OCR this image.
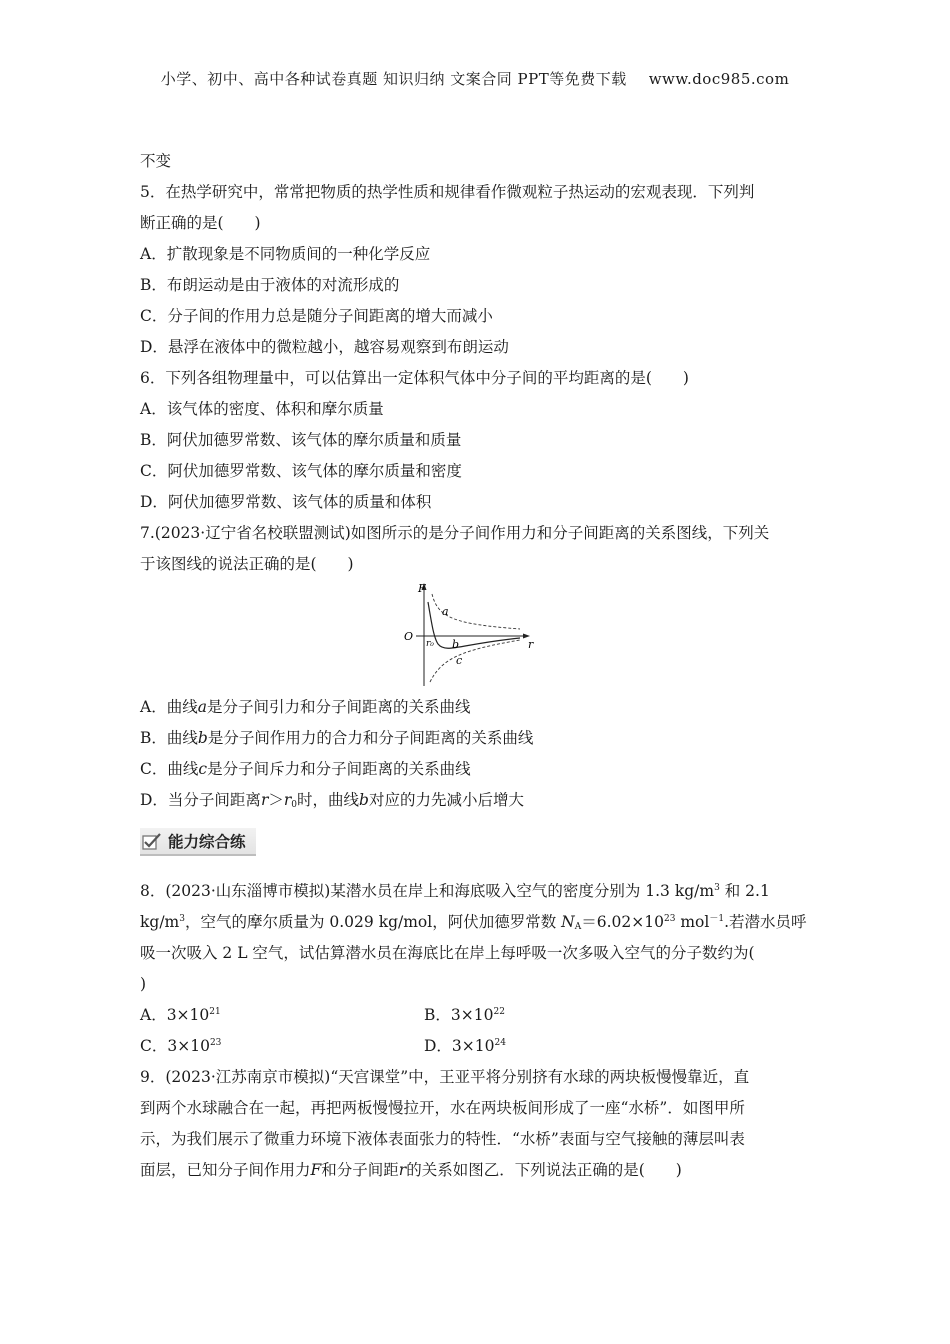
小学、初中、高中各种试卷真题 知识归纳 文案合同 PPT等免费下载 www.doc985.com
不变
5．在热学研究中，常常把物质的热学性质和规律看作微观粒子热运动的宏观表现．下列判
断正确的是(　　)
A．扩散现象是不同物质间的一种化学反应
B．布朗运动是由于液体的对流形成的
C．分子间的作用力总是随分子间距离的增大而减小
D．悬浮在液体中的微粒越小，越容易观察到布朗运动
6．下列各组物理量中，可以估算出一定体积气体中分子间的平均距离的是(　　)
A．该气体的密度、体积和摩尔质量
B．阿伏加德罗常数、该气体的摩尔质量和质量
C．阿伏加德罗常数、该气体的摩尔质量和密度
D．阿伏加德罗常数、该气体的质量和体积
7.(2023·辽宁省名校联盟测试)如图所示的是分子间作用力和分子间距离的关系图线，下列关
于该图线的说法正确的是(　　)
F
O
r
r₀
a
b
c
A．曲线a是分子间引力和分子间距离的关系曲线
B．曲线b是分子间作用力的合力和分子间距离的关系曲线
C．曲线c是分子间斥力和分子间距离的关系曲线
D．当分子间距离$r>r_0$时，曲线b对应的力先减小后增大
能力综合练
8．(2023·山东淄博市模拟)某潜水员在岸上和海底吸入空气的密度分别为 1.3 $kg/m^3$ 和 2.1
$kg/m^3$，空气的摩尔质量为 0.029 kg/mol，阿伏加德罗常数 $N_A=6.02\times 10^{23}$ mol$^{-1}$.若潜水员呼
吸一次吸入 2 L 空气，试估算潜水员在海底比在岸上每呼吸一次多吸入空气的分子数约为(
)
A．$3\times 10^{21}$	B．$3\times 10^{22}$
C．$3\times 10^{23}$	D．$3\times 10^{24}$
9．(2023·江苏南京市模拟)“天宫课堂”中，王亚平将分别挤有水球的两块板慢慢靠近，直
到两个水球融合在一起，再把两板慢慢拉开，水在两块板间形成了一座“水桥”．如图甲所
示，为我们展示了微重力环境下液体表面张力的特性．“水桥”表面与空气接触的薄层叫表
面层，已知分子间作用力F和分子间距r的关系如图乙．下列说法正确的是(　　)
